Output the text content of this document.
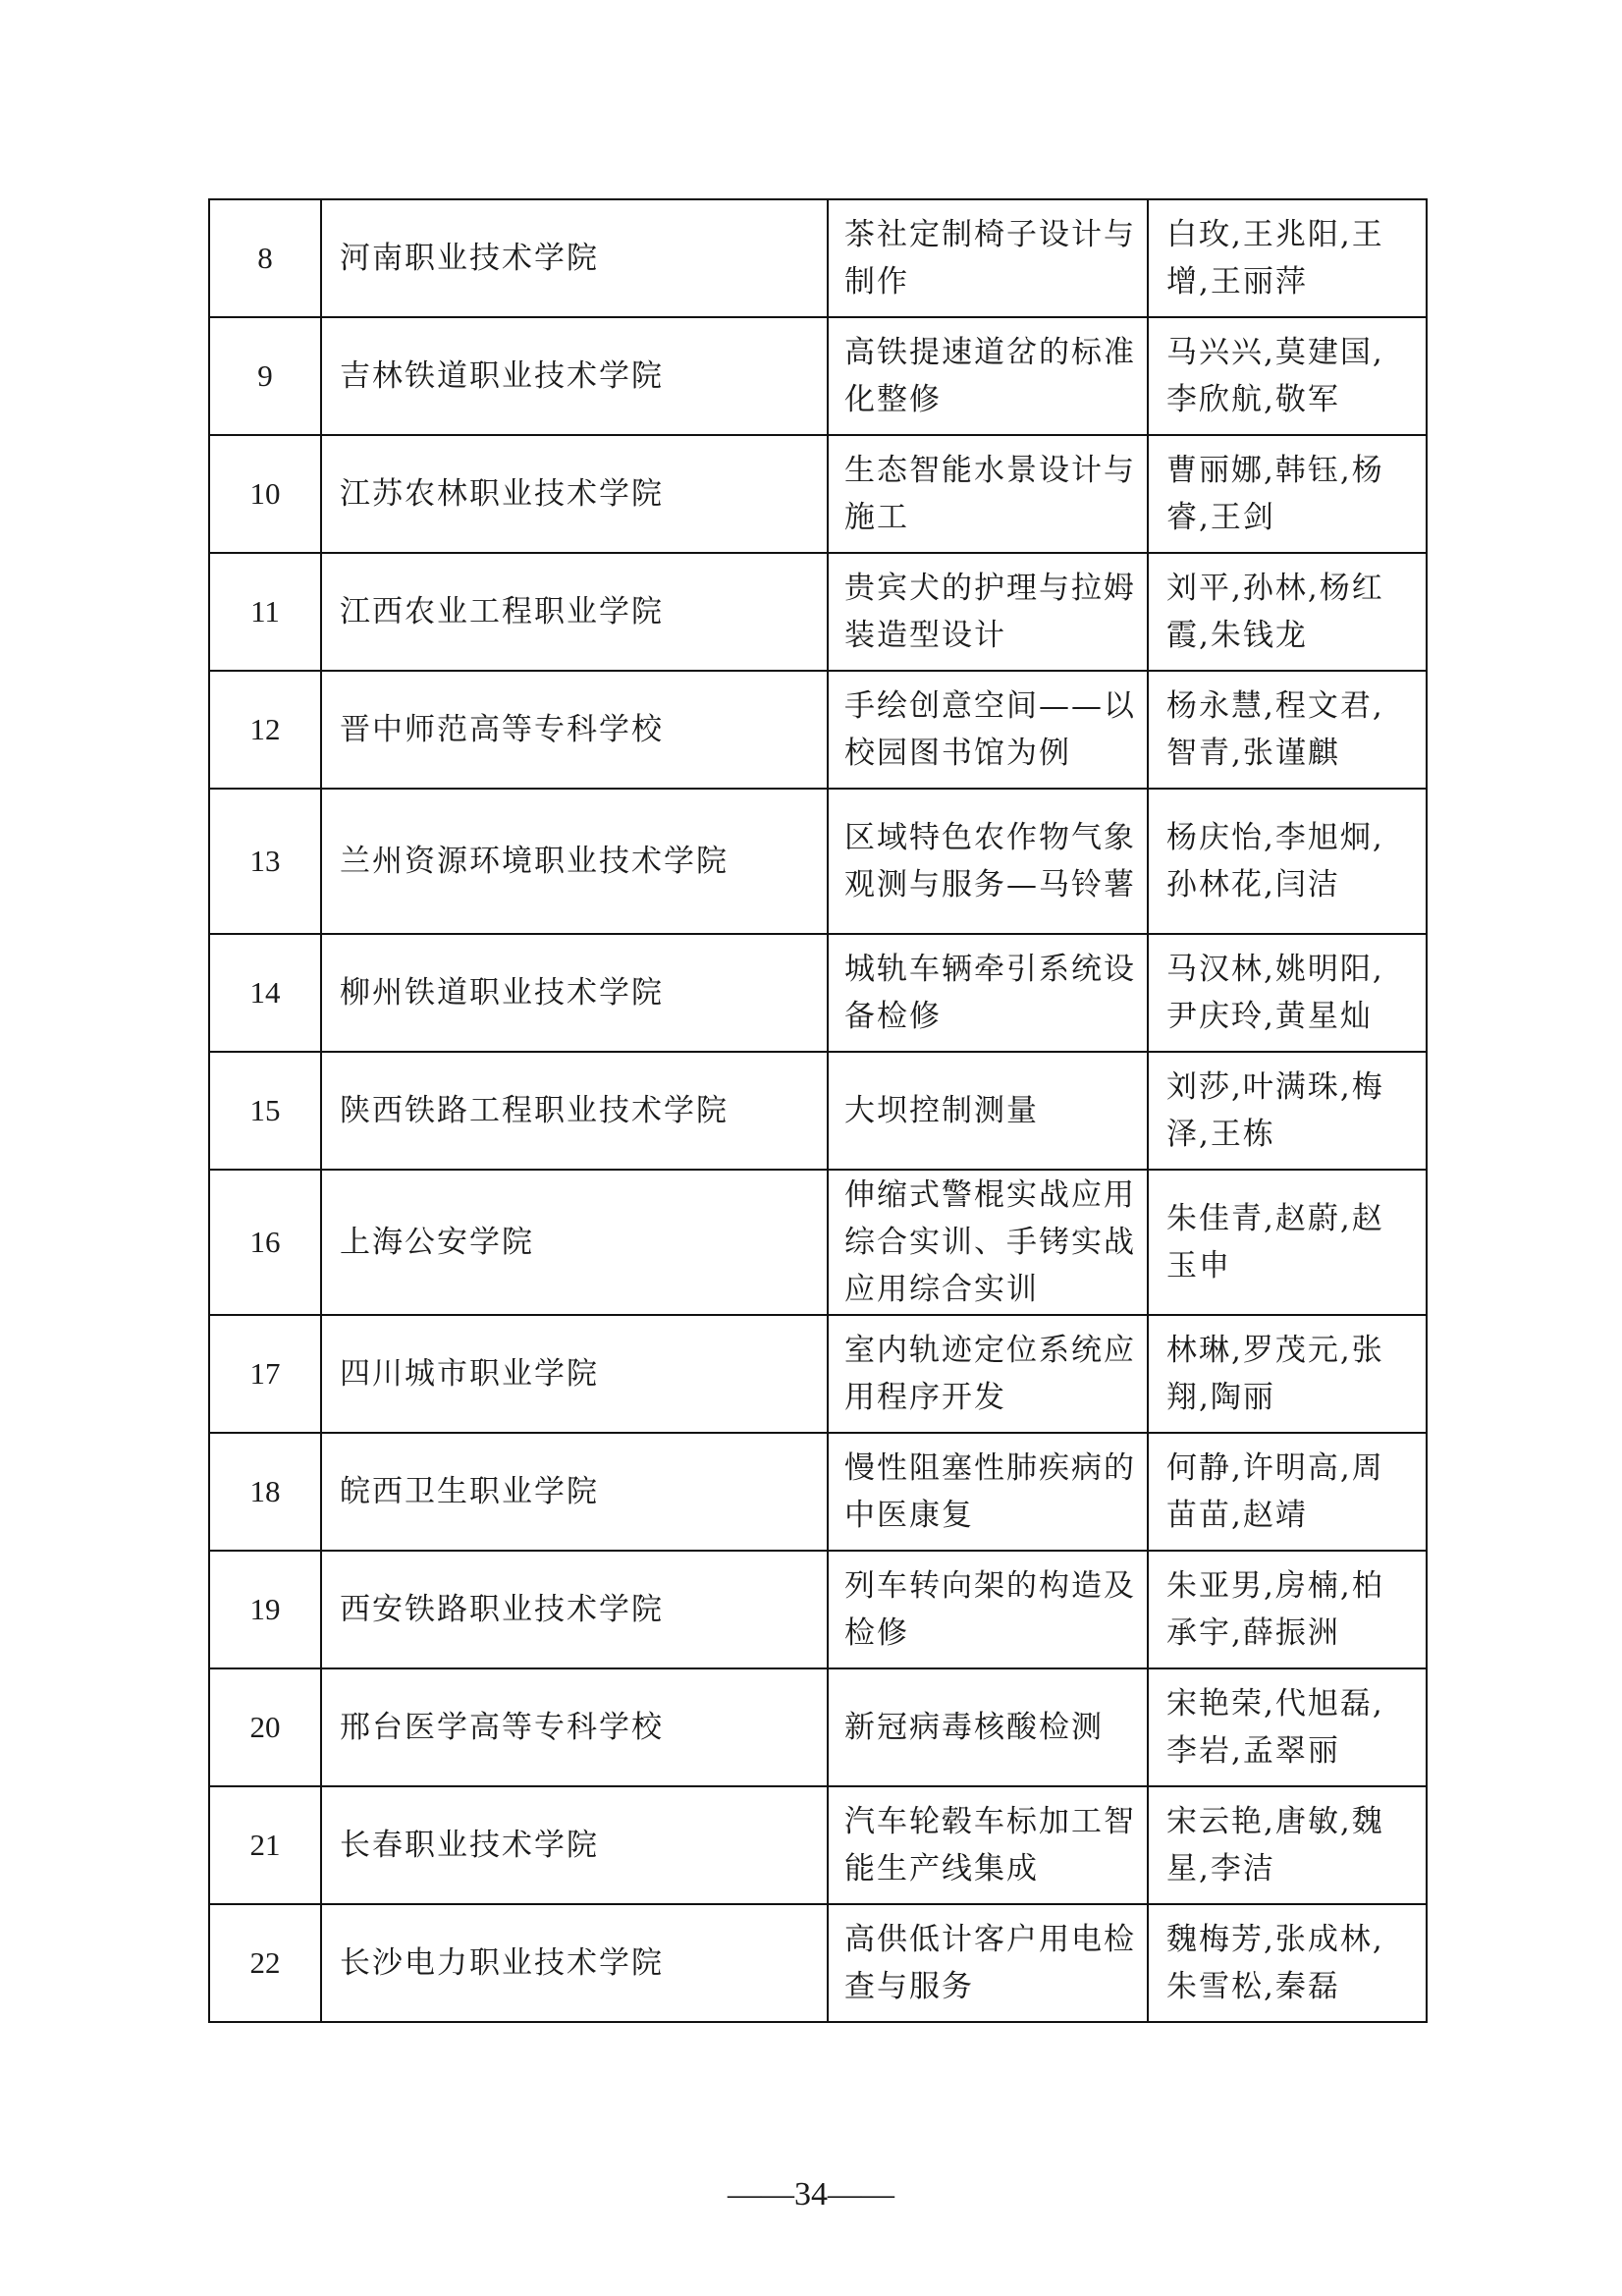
8	河南职业技术学院	茶社定制椅子设计与制作	白玫,王兆阳,王增,王丽萍
9	吉林铁道职业技术学院	高铁提速道岔的标准化整修	马兴兴,莫建国,李欣航,敬军
10	江苏农林职业技术学院	生态智能水景设计与施工	曹丽娜,韩钰,杨睿,王剑
11	江西农业工程职业学院	贵宾犬的护理与拉姆装造型设计	刘平,孙林,杨红霞,朱钱龙
12	晋中师范高等专科学校	手绘创意空间——以校园图书馆为例	杨永慧,程文君,智青,张谨麒
13	兰州资源环境职业技术学院	区域特色农作物气象观测与服务—马铃薯	杨庆怡,李旭炯,孙林花,闫洁
14	柳州铁道职业技术学院	城轨车辆牵引系统设备检修	马汉林,姚明阳,尹庆玲,黄星灿
15	陕西铁路工程职业技术学院	大坝控制测量	刘莎,叶满珠,梅泽,王栋
16	上海公安学院	伸缩式警棍实战应用综合实训、手铐实战应用综合实训	朱佳青,赵蔚,赵玉申
17	四川城市职业学院	室内轨迹定位系统应用程序开发	林琳,罗茂元,张翔,陶丽
18	皖西卫生职业学院	慢性阻塞性肺疾病的中医康复	何静,许明高,周苗苗,赵靖
19	西安铁路职业技术学院	列车转向架的构造及检修	朱亚男,房楠,柏承宇,薛振洲
20	邢台医学高等专科学校	新冠病毒核酸检测	宋艳荣,代旭磊,李岩,孟翠丽
21	长春职业技术学院	汽车轮毂车标加工智能生产线集成	宋云艳,唐敏,魏星,李洁
22	长沙电力职业技术学院	高供低计客户用电检查与服务	魏梅芳,张成林,朱雪松,秦磊
——34——
